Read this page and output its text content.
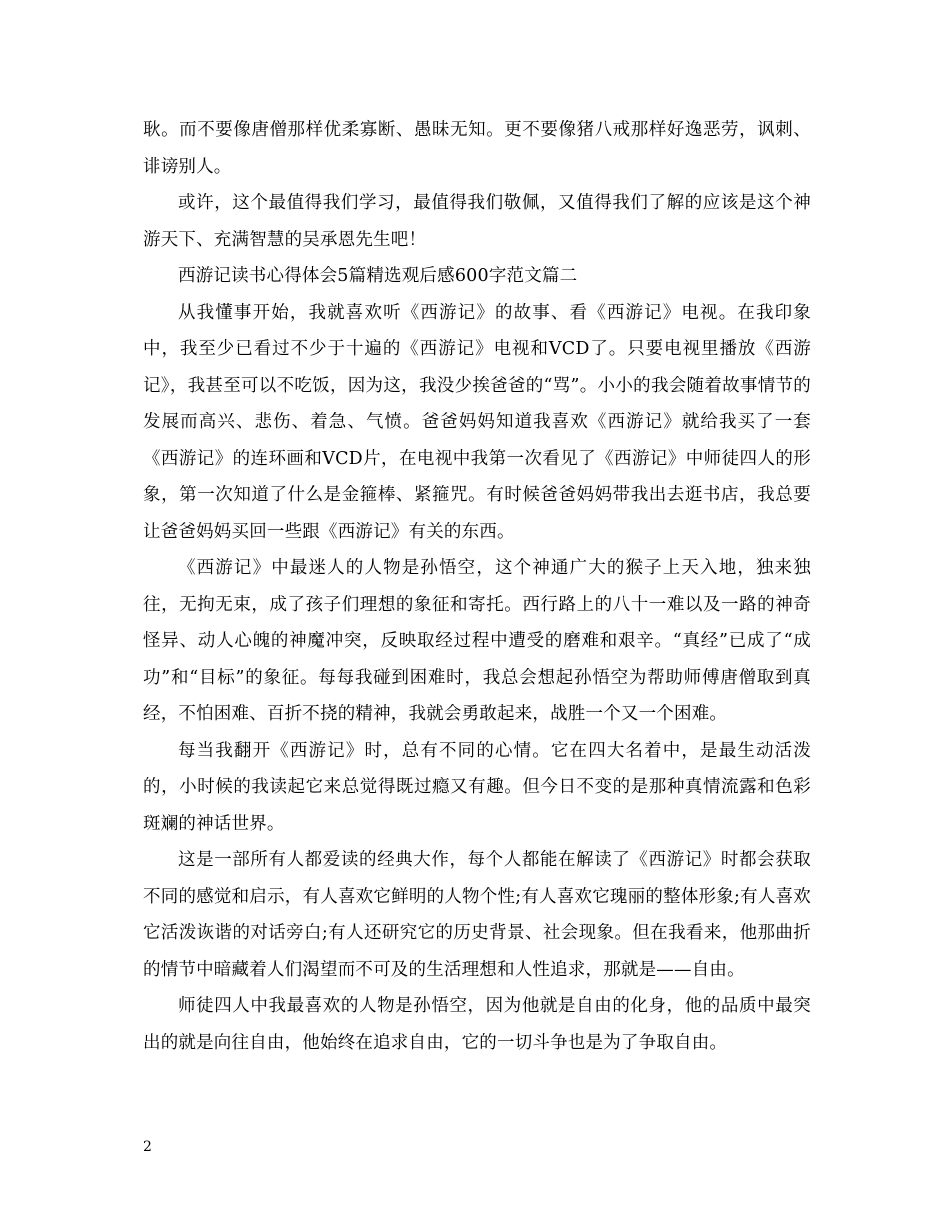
耿。而不要像唐僧那样优柔寡断、愚昧无知。更不要像猪八戒那样好逸恶劳，讽刺、诽谤别人。

或许，这个最值得我们学习，最值得我们敬佩，又值得我们了解的应该是这个神游天下、充满智慧的吴承恩先生吧！

西游记读书心得体会5篇精选观后感600字范文篇二

从我懂事开始，我就喜欢听《西游记》的故事、看《西游记》电视。在我印象中，我至少已看过不少于十遍的《西游记》电视和VCD了。只要电视里播放《西游记》，我甚至可以不吃饭，因为这，我没少挨爸爸的“骂”。小小的我会随着故事情节的发展而高兴、悲伤、着急、气愤。爸爸妈妈知道我喜欢《西游记》就给我买了一套《西游记》的连环画和VCD片，在电视中我第一次看见了《西游记》中师徒四人的形象，第一次知道了什么是金箍棒、紧箍咒。有时候爸爸妈妈带我出去逛书店，我总要让爸爸妈妈买回一些跟《西游记》有关的东西。

《西游记》中最迷人的人物是孙悟空，这个神通广大的猴子上天入地，独来独往，无拘无束，成了孩子们理想的象征和寄托。西行路上的八十一难以及一路的神奇怪异、动人心魄的神魔冲突，反映取经过程中遭受的磨难和艰辛。“真经”已成了“成功”和“目标”的象征。每每我碰到困难时，我总会想起孙悟空为帮助师傅唐僧取到真经，不怕困难、百折不挠的精神，我就会勇敢起来，战胜一个又一个困难。

每当我翻开《西游记》时，总有不同的心情。它在四大名着中，是最生动活泼的，小时候的我读起它来总觉得既过瘾又有趣。但今日不变的是那种真情流露和色彩斑斓的神话世界。

这是一部所有人都爱读的经典大作，每个人都能在解读了《西游记》时都会获取不同的感觉和启示，有人喜欢它鲜明的人物个性;有人喜欢它瑰丽的整体形象;有人喜欢它活泼诙谐的对话旁白;有人还研究它的历史背景、社会现象。但在我看来，他那曲折的情节中暗藏着人们渴望而不可及的生活理想和人性追求，那就是——自由。

师徒四人中我最喜欢的人物是孙悟空，因为他就是自由的化身，他的品质中最突出的就是向往自由，他始终在追求自由，它的一切斗争也是为了争取自由。

2
